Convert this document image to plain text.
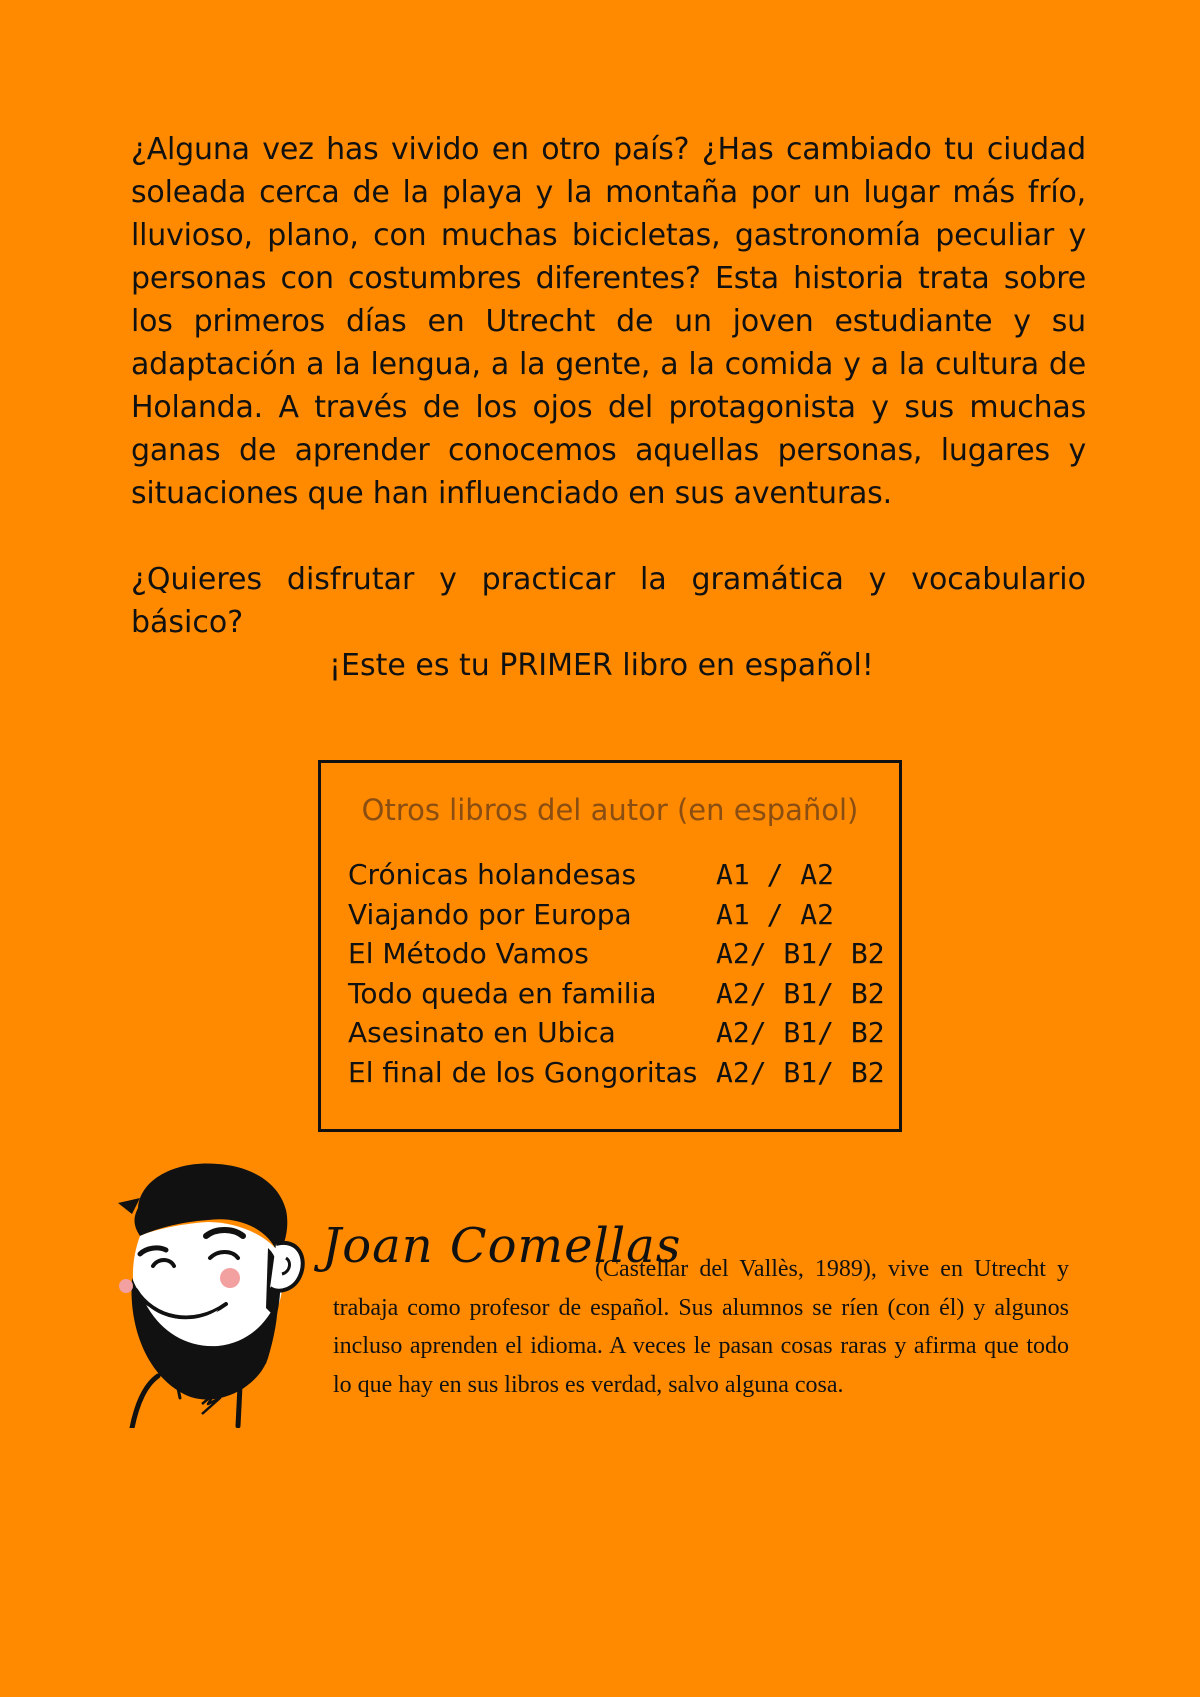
¿Alguna vez has vivido en otro país? ¿Has cambiado tu ciudad soleada cerca de la playa y la montaña por un lugar más frío, lluvioso, plano, con muchas bicicletas, gastronomía peculiar y personas con costumbres diferentes? Esta historia trata sobre los primeros días en Utrecht de un joven estudiante y su adaptación a la lengua, a la gente, a la comida y a la cultura de Holanda. A través de los ojos del protagonista y sus muchas ganas de aprender conocemos aquellas personas, lugares y situaciones que han influenciado en sus aventuras.

¿Quieres disfrutar y practicar la gramática y vocabulario básico?

¡Este es tu PRIMER libro en español!
Otros libros del autor (en español)
Crónicas holandesas	A1 / A2
Viajando por Europa	A1 / A2
El Método Vamos	A2/ B1/ B2
Todo queda en familia A2/ B1/ B2
Asesinato en Ubica	A2/ B1/ B2
El final de los Gongoritas A2/ B1/ B2
Joan Comellas

(Castellar del Vallès, 1989), vive en Utrecht y trabaja como profesor de español. Sus alumnos se ríen (con él) y algunos incluso aprenden el idioma. A veces le pasan cosas raras y afirma que todo lo que hay en sus libros es verdad, salvo alguna cosa.
